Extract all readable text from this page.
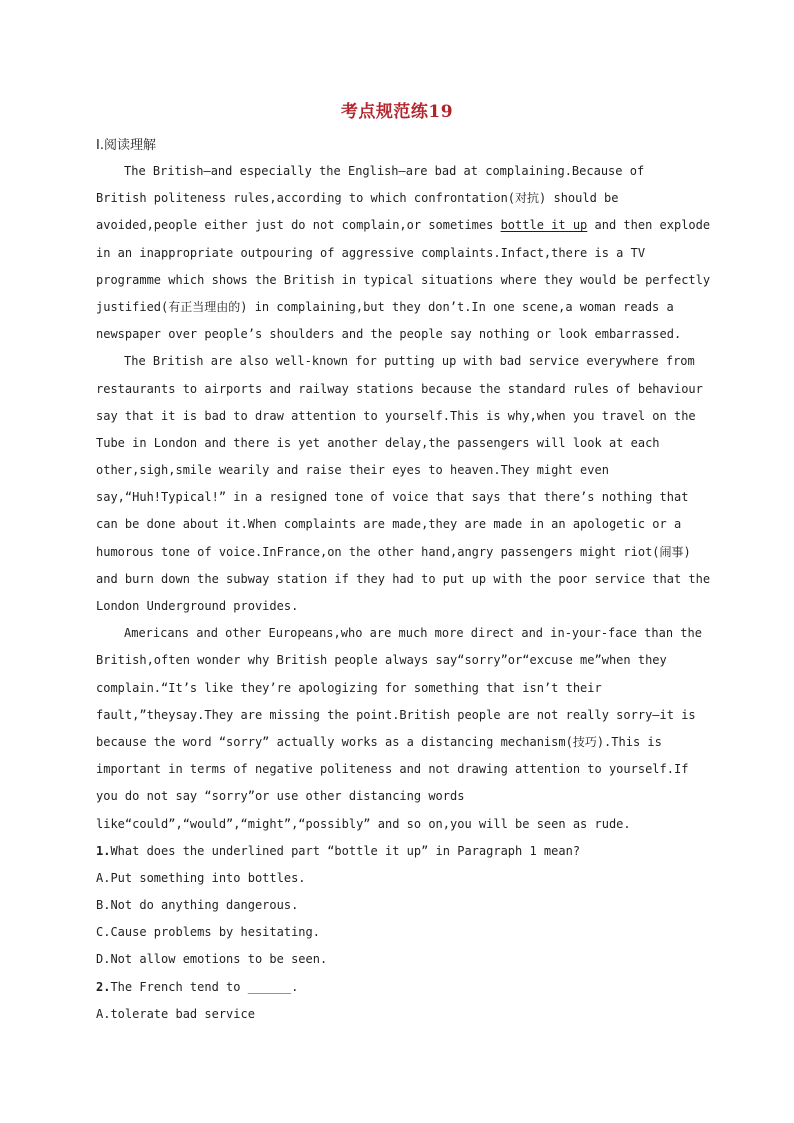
考点规范练19
Ⅰ.阅读理解
The British—and especially the English—are bad at complaining.Because of
British politeness rules,according to which confrontation(对抗) should be
avoided,people either just do not complain,or sometimes bottle it up and then explode
in an inappropriate outpouring of aggressive complaints.Infact,there is a TV
programme which shows the British in typical situations where they would be perfectly
justified(有正当理由的) in complaining,but they don’t.In one scene,a woman reads a
newspaper over people’s shoulders and the people say nothing or look embarrassed.
The British are also well-known for putting up with bad service everywhere from
restaurants to airports and railway stations because the standard rules of behaviour
say that it is bad to draw attention to yourself.This is why,when you travel on the
Tube in London and there is yet another delay,the passengers will look at each
other,sigh,smile wearily and raise their eyes to heaven.They might even
say,“Huh!Typical!” in a resigned tone of voice that says that there’s nothing that
can be done about it.When complaints are made,they are made in an apologetic or a
humorous tone of voice.InFrance,on the other hand,angry passengers might riot(闹事)
and burn down the subway station if they had to put up with the poor service that the
London Underground provides.
Americans and other Europeans,who are much more direct and in-your-face than the
British,often wonder why British people always say“sorry”or“excuse me”when they
complain.“It’s like they’re apologizing for something that isn’t their
fault,”theysay.They are missing the point.British people are not really sorry—it is
because the word “sorry” actually works as a distancing mechanism(技巧).This is
important in terms of negative politeness and not drawing attention to yourself.If
you do not say “sorry”or use other distancing words
like“could”,“would”,“might”,“possibly” and so on,you will be seen as rude.
1.What does the underlined part “bottle it up” in Paragraph 1 mean?
A.Put something into bottles.
B.Not do anything dangerous.
C.Cause problems by hesitating.
D.Not allow emotions to be seen.
2.The French tend to ______.
A.tolerate bad service
